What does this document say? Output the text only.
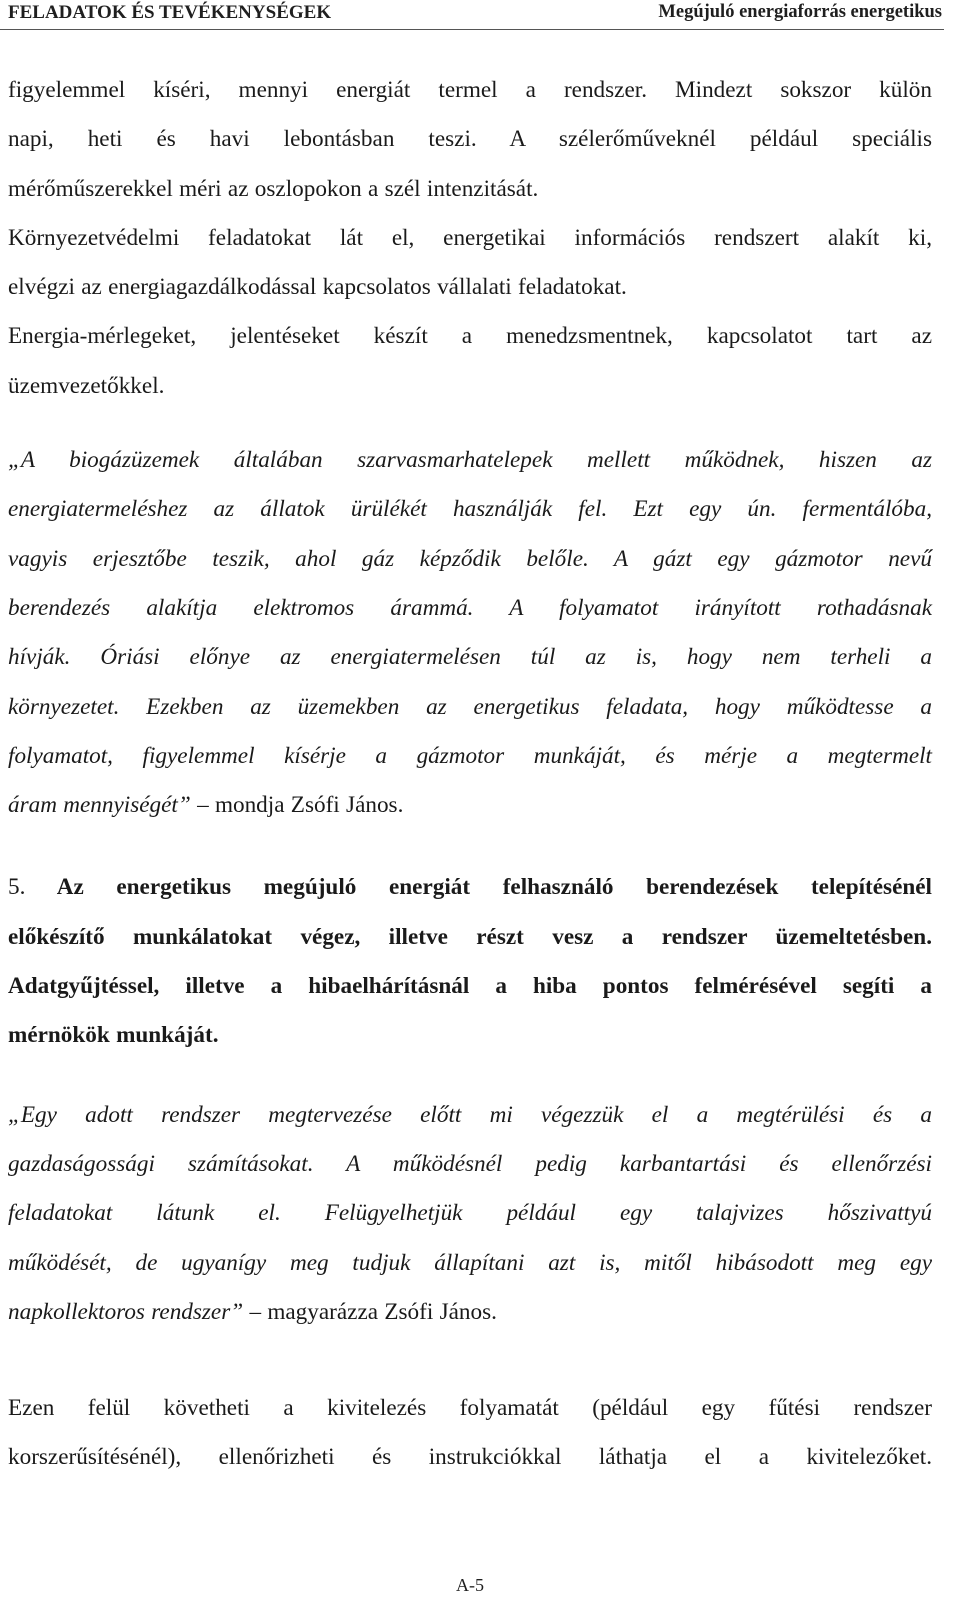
FELADATOK ÉS TEVÉKENYSÉGEK	Megújuló energiaforrás energetikus

figyelemmel kíséri, mennyi energiát termel a rendszer. Mindezt sokszor külön
napi, heti és havi lebontásban teszi. A szélerőműveknél például speciális
mérőműszerekkel méri az oszlopokon a szél intenzitását.
Környezetvédelmi feladatokat lát el, energetikai információs rendszert alakít ki,
elvégzi az energiagazdálkodással kapcsolatos vállalati feladatokat.
Energia-mérlegeket, jelentéseket készít a menedzsmentnek, kapcsolatot tart az
üzemvezetőkkel.

„A biogázüzemek általában szarvasmarhatelepek mellett működnek, hiszen az
energiatermeléshez az állatok ürülékét használják fel. Ezt egy ún. fermentálóba,
vagyis erjesztőbe teszik, ahol gáz képződik belőle. A gázt egy gázmotor nevű
berendezés alakítja elektromos árammá. A folyamatot irányított rothadásnak
hívják. Óriási előnye az energiatermelésen túl az is, hogy nem terheli a
környezetet. Ezekben az üzemekben az energetikus feladata, hogy működtesse a
folyamatot, figyelemmel kísérje a gázmotor munkáját, és mérje a megtermelt
áram mennyiségét” – mondja Zsófi János.

5. Az energetikus megújuló energiát felhasználó berendezések telepítésénél
előkészítő munkálatokat végez, illetve részt vesz a rendszer üzemeltetésben.
Adatgyűjtéssel, illetve a hibaelhárításnál a hiba pontos felmérésével segíti a
mérnökök munkáját.

„Egy adott rendszer megtervezése előtt mi végezzük el a megtérülési és a
gazdaságossági számításokat. A működésnél pedig karbantartási és ellenőrzési
feladatokat látunk el. Felügyelhetjük például egy talajvizes hőszivattyú
működését, de ugyanígy meg tudjuk állapítani azt is, mitől hibásodott meg egy
napkollektoros rendszer” – magyarázza Zsófi János.

Ezen felül követheti a kivitelezés folyamatát (például egy fűtési rendszer
korszerűsítésénél), ellenőrizheti és instrukciókkal láthatja el a kivitelezőket.

A-5
